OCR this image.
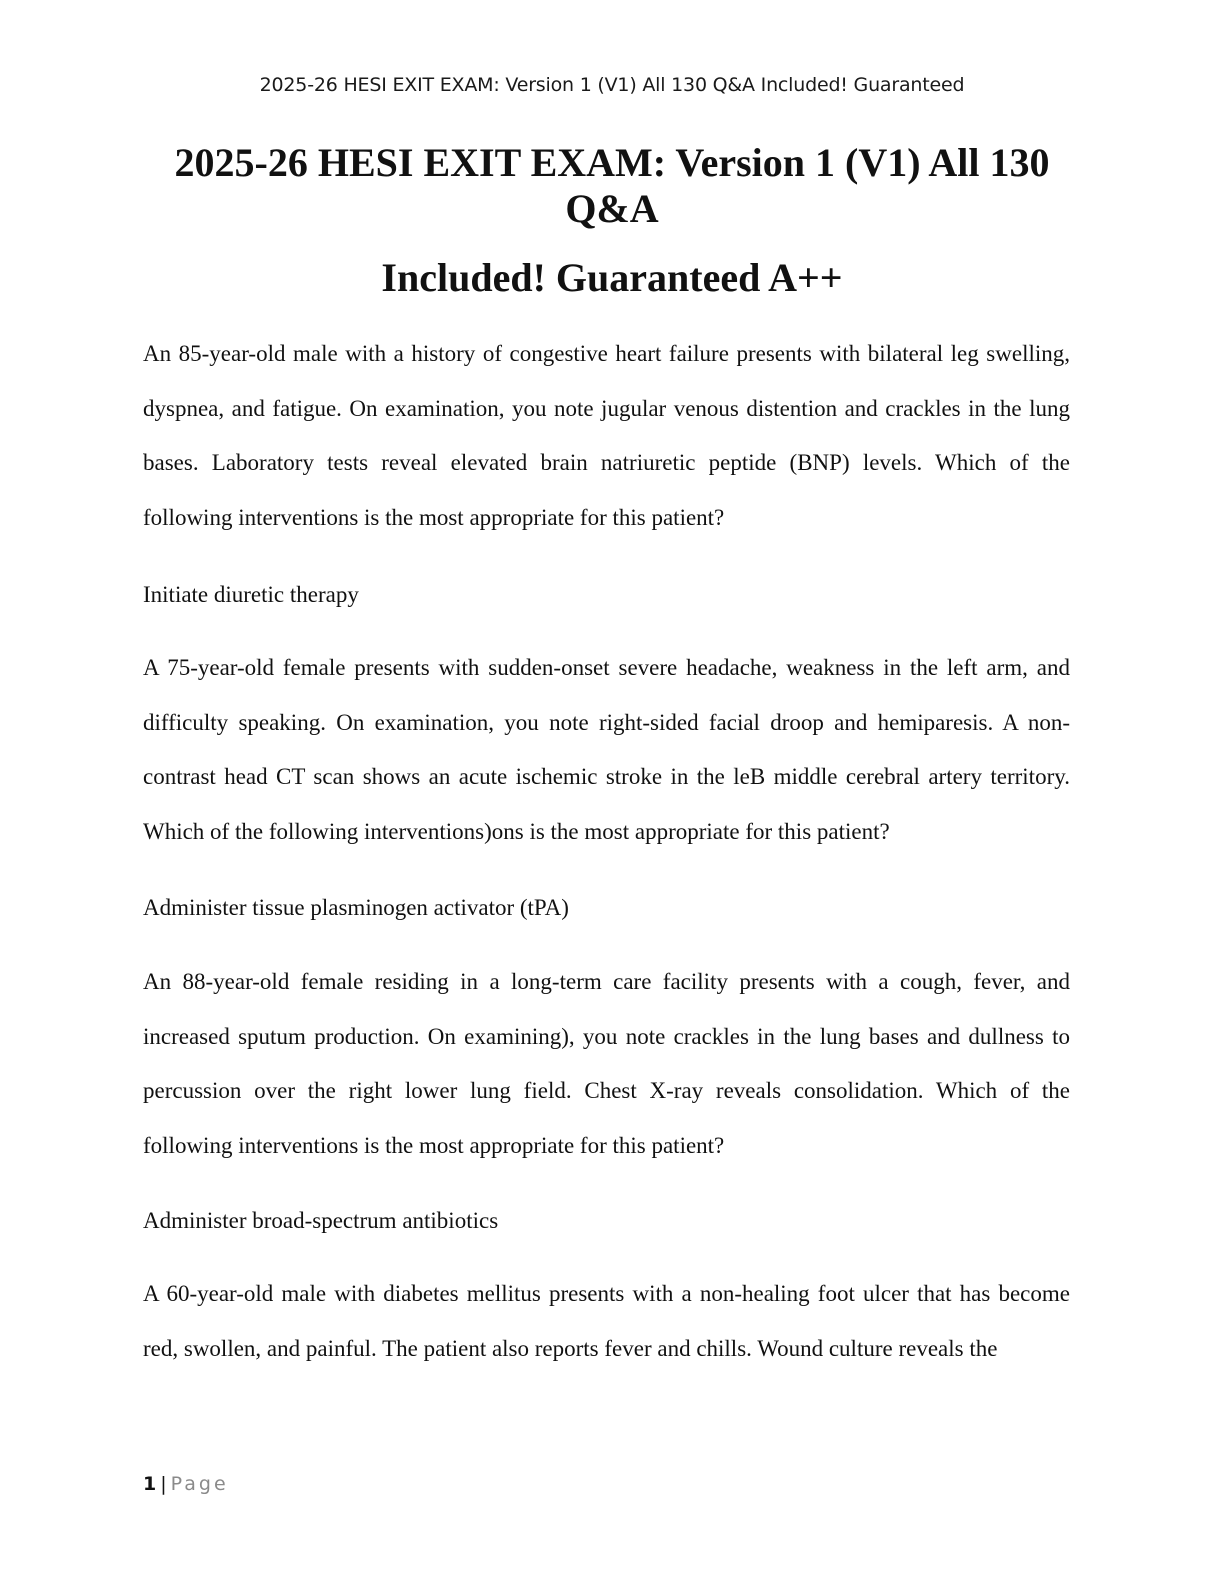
2025-26 HESI EXIT EXAM: Version 1 (V1) All 130 Q&A Included! Guaranteed
2025-26 HESI EXIT EXAM: Version 1 (V1) All 130 Q&A
Included! Guaranteed A++

An 85-year-old male with a history of congestive heart failure presents with bilateral leg swelling, dyspnea, and fatigue. On examination, you note jugular venous distention and crackles in the lung bases. Laboratory tests reveal elevated brain natriuretic peptide (BNP) levels. Which of the following interventions is the most appropriate for this patient?

Initiate diuretic therapy

A 75-year-old female presents with sudden-onset severe headache, weakness in the left arm, and difficulty speaking. On examination, you note right-sided facial droop and hemiparesis. A non-contrast head CT scan shows an acute ischemic stroke in the leB middle cerebral artery territory. Which of the following interventions)ons is the most appropriate for this patient?

Administer tissue plasminogen activator (tPA)

An 88-year-old female residing in a long-term care facility presents with a cough, fever, and increased sputum production. On examining), you note crackles in the lung bases and dullness to percussion over the right lower lung field. Chest X-ray reveals consolidation. Which of the following interventions is the most appropriate for this patient?

Administer broad-spectrum antibiotics

A 60-year-old male with diabetes mellitus presents with a non-healing foot ulcer that has become red, swollen, and painful. The patient also reports fever and chills. Wound culture reveals the

1 | Page
